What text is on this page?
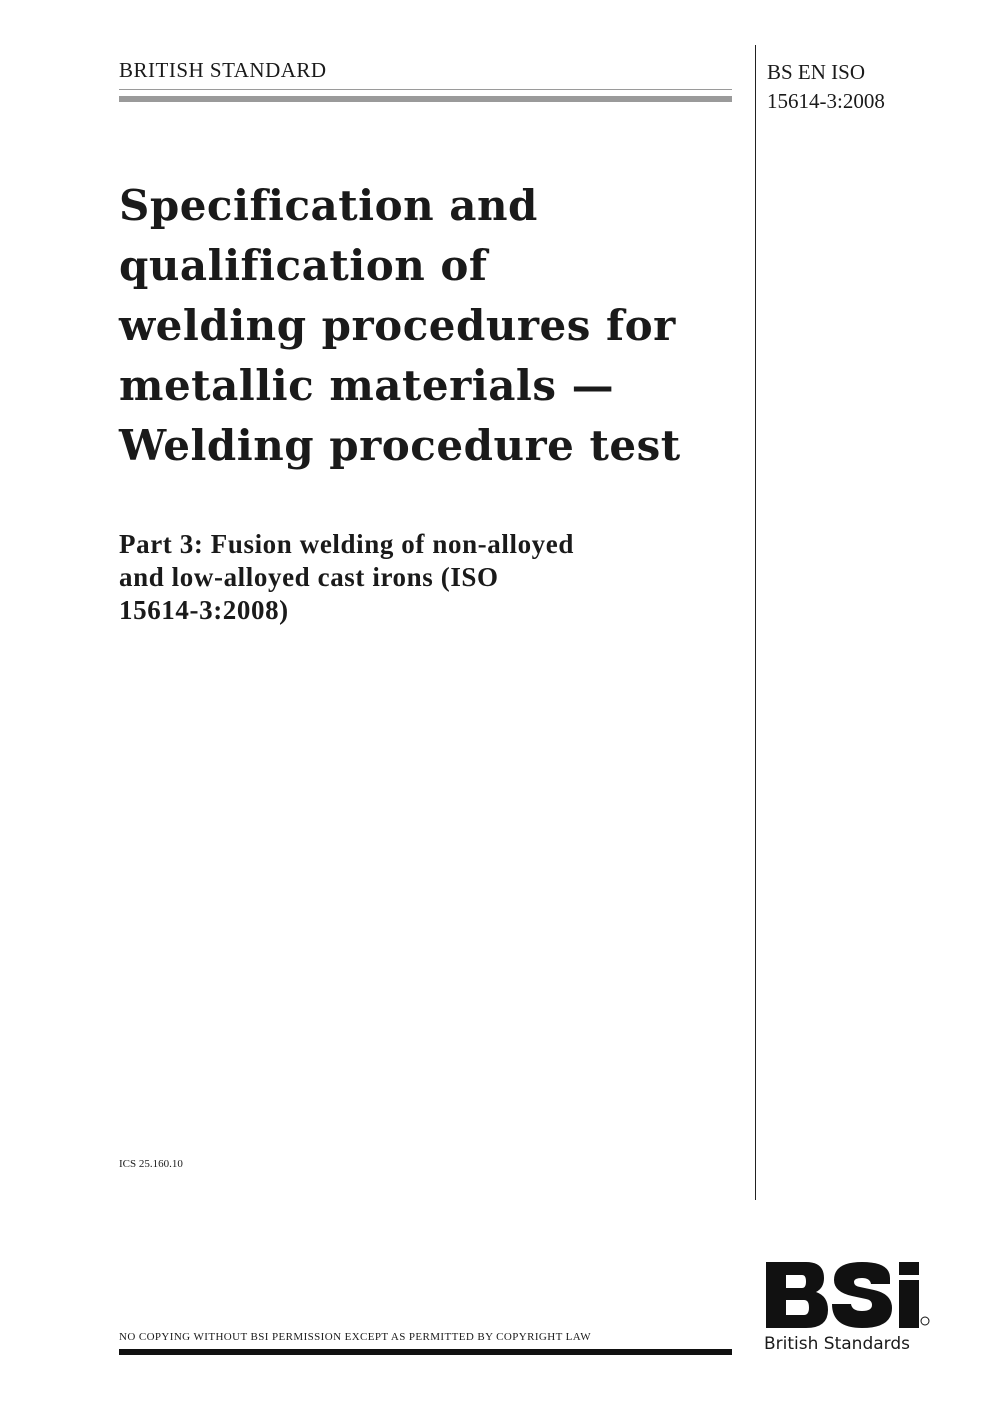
BRITISH STANDARD	BS EN ISO
15614-3:2008
Specification and
qualification of
welding procedures for
metallic materials —
Welding procedure test
Part 3: Fusion welding of non-alloyed
and low-alloyed cast irons (ISO
15614-3:2008)
ICS 25.160.10
NO COPYING WITHOUT BSI PERMISSION EXCEPT AS PERMITTED BY COPYRIGHT LAW	British Standards
